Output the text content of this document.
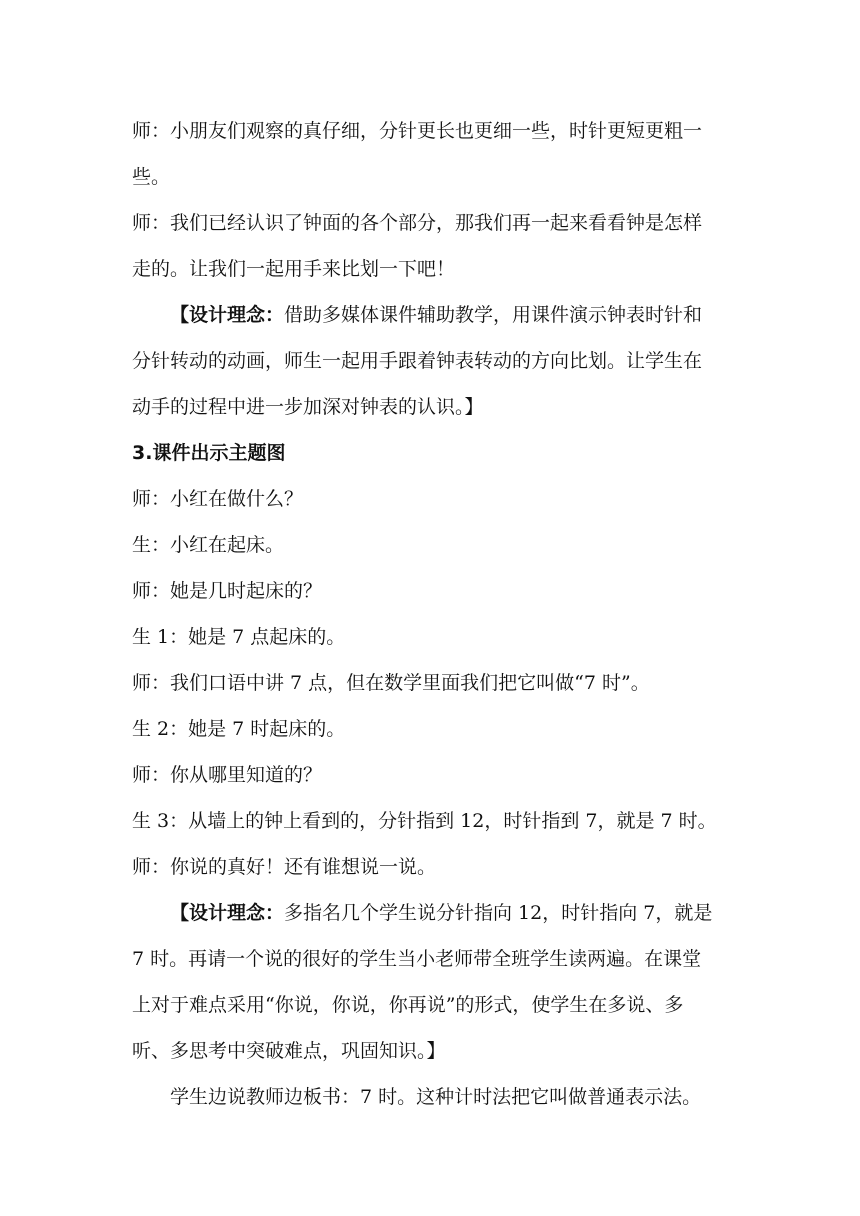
师：小朋友们观察的真仔细，分针更长也更细一些，时针更短更粗一
些。
师：我们已经认识了钟面的各个部分，那我们再一起来看看钟是怎样
走的。让我们一起用手来比划一下吧！
【设计理念：借助多媒体课件辅助教学，用课件演示钟表时针和
分针转动的动画，师生一起用手跟着钟表转动的方向比划。让学生在
动手的过程中进一步加深对钟表的认识。】
3.课件出示主题图
师：小红在做什么？
生：小红在起床。
师：她是几时起床的？
生 1：她是 7 点起床的。
师：我们口语中讲 7 点，但在数学里面我们把它叫做“7 时”。
生 2：她是 7 时起床的。
师：你从哪里知道的？
生 3：从墙上的钟上看到的，分针指到 12，时针指到 7，就是 7 时。
师：你说的真好！还有谁想说一说。
【设计理念：多指名几个学生说分针指向 12，时针指向 7，就是
7 时。再请一个说的很好的学生当小老师带全班学生读两遍。在课堂
上对于难点采用“你说，你说，你再说”的形式，使学生在多说、多
听、多思考中突破难点，巩固知识。】
学生边说教师边板书：7 时。这种计时法把它叫做普通表示法。
